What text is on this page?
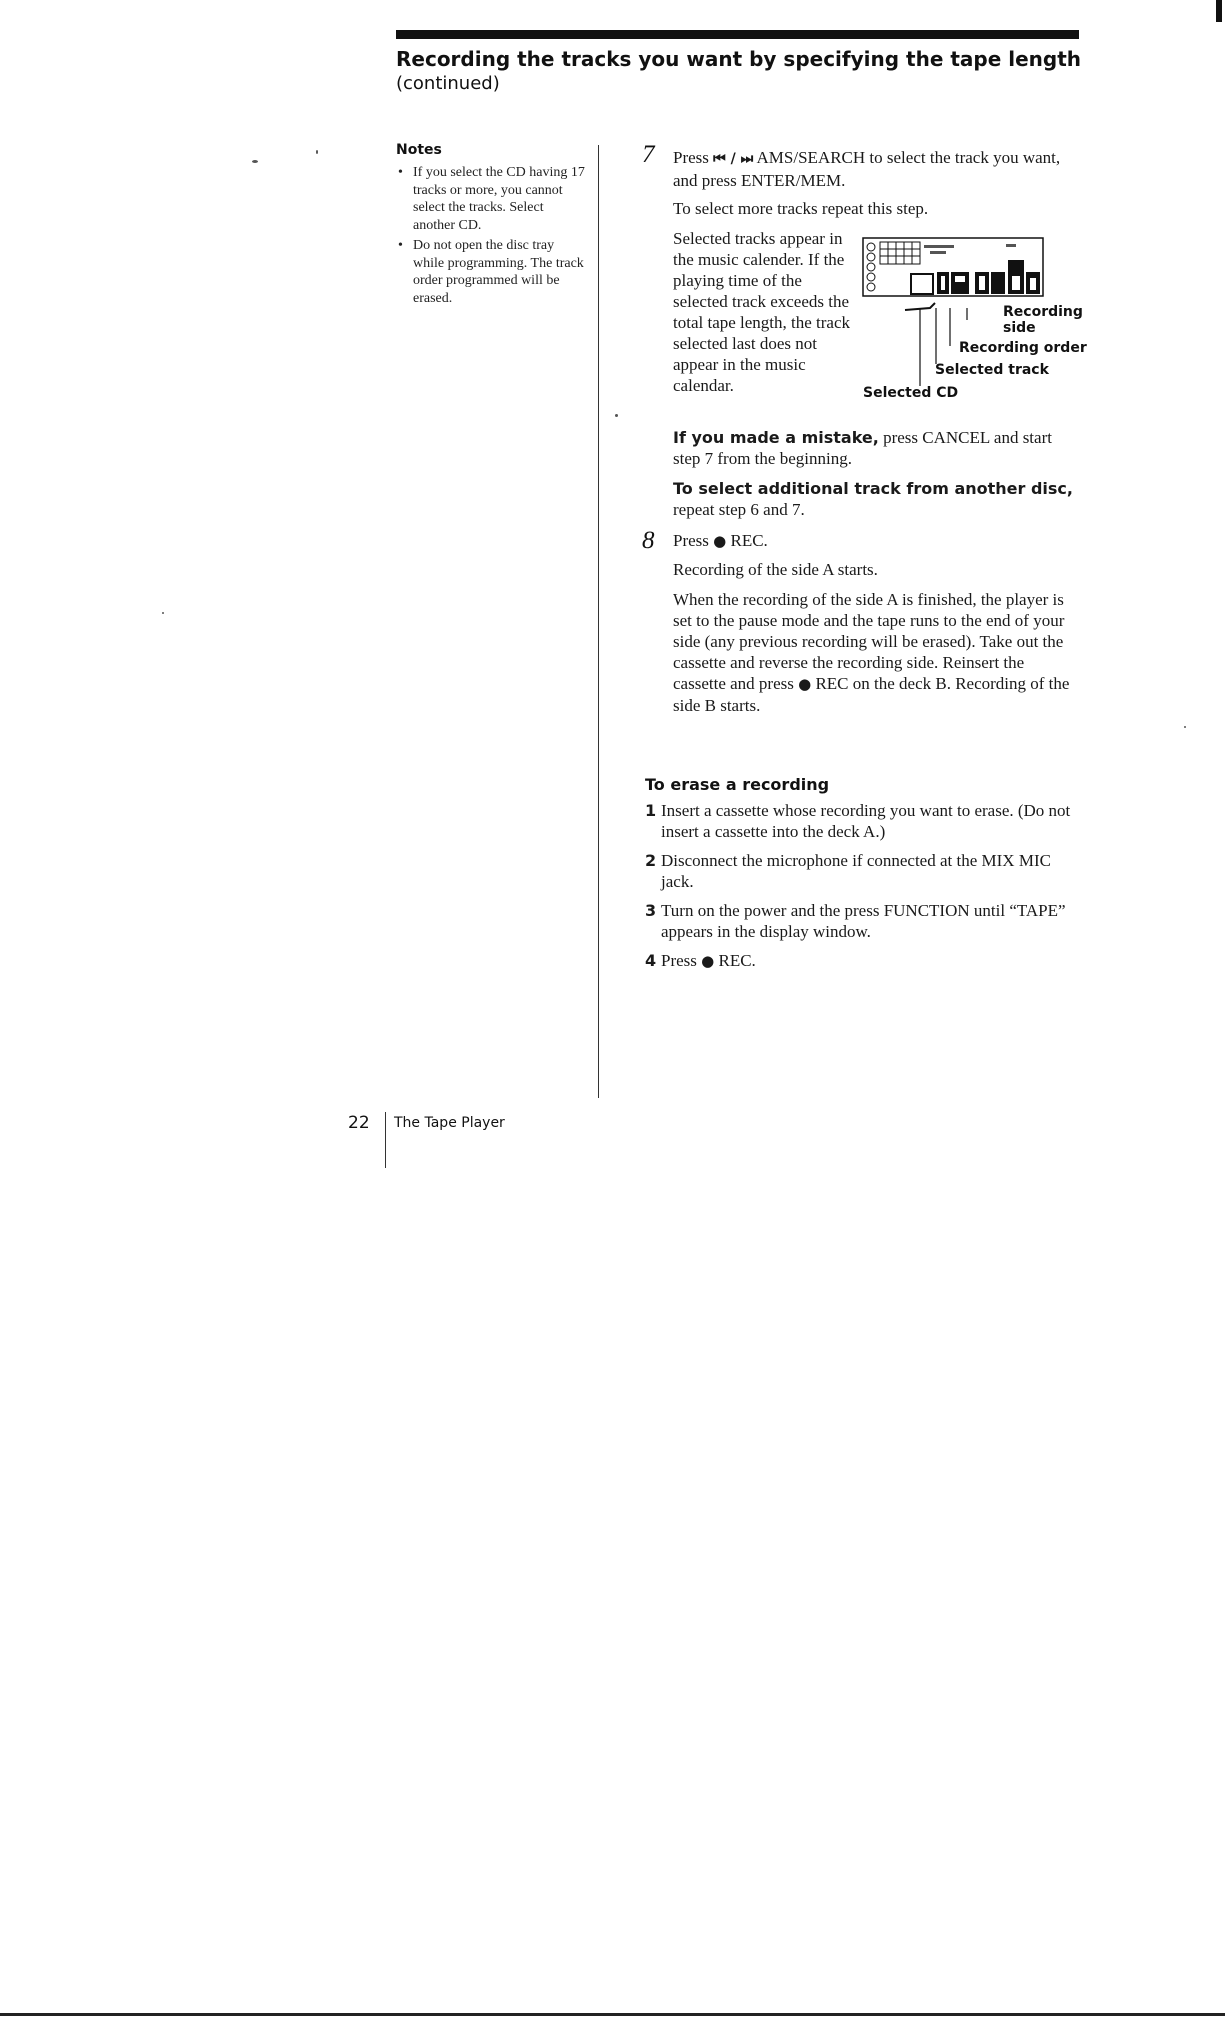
Recording the tracks you want by specifying the tape length
(continued)
Notes
• If you select the CD having 17 tracks or more, you cannot select the tracks. Select another CD.
• Do not open the disc tray while programming. The track order programmed will be erased.
7 Press ⏮ / ⏭ AMS/SEARCH to select the track you want, and press ENTER/MEM.
To select more tracks repeat this step.
Selected tracks appear in the music calender. If the playing time of the selected track exceeds the total tape length, the track selected last does not appear in the music calendar.
Recording side
Recording order
Selected track
Selected CD
If you made a mistake, press CANCEL and start step 7 from the beginning.
To select additional track from another disc,
repeat step 6 and 7.
8 Press ● REC.
Recording of the side A starts.
When the recording of the side A is finished, the player is set to the pause mode and the tape runs to the end of your side (any previous recording will be erased). Take out the cassette and reverse the recording side. Reinsert the cassette and press ● REC on the deck B. Recording of the side B starts.
To erase a recording
1 Insert a cassette whose recording you want to erase. (Do not insert a cassette into the deck A.)
2 Disconnect the microphone if connected at the MIX MIC jack.
3 Turn on the power and the press FUNCTION until “TAPE” appears in the display window.
4 Press ● REC.
22 The Tape Player
